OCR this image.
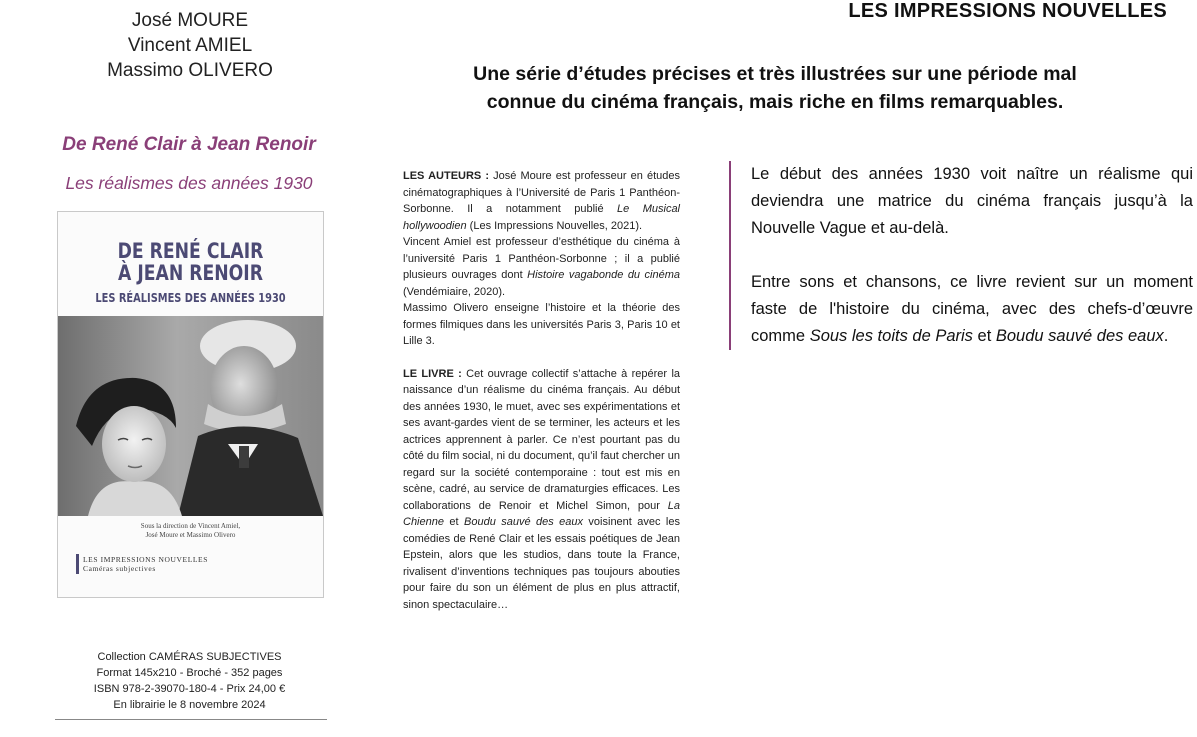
José MOURE
Vincent AMIEL
Massimo OLIVERO
LES IMPRESSIONS NOUVELLES
Une série d’études précises et très illustrées sur une période mal
connue du cinéma français, mais riche en films remarquables.
De René Clair à Jean Renoir
Les réalismes des années 1930
DE RENÉ CLAIR
À JEAN RENOIR
LES RÉALISMES DES ANNÉES 1930
Sous la direction de Vincent Amiel,
José Moure et Massimo Olivero
LES IMPRESSIONS NOUVELLES
Caméras subjectives
Collection CAMÉRAS SUBJECTIVES
Format 145x210 - Broché - 352 pages
ISBN 978-2-39070-180-4 - Prix 24,00 €
En librairie le 8 novembre 2024

LES AUTEURS : José Moure est professeur en études cinématographiques à l’Université de Paris 1 Panthéon-Sorbonne. Il a notamment publié Le Musical hollywoodien (Les Impressions Nouvelles, 2021).

Vincent Amiel est professeur d’esthétique du cinéma à l’université Paris 1 Panthéon-Sorbonne ; il a publié plusieurs ouvrages dont Histoire vagabonde du cinéma (Vendémiaire, 2020).

Massimo Olivero enseigne l’histoire et la théorie des formes filmiques dans les universités Paris 3, Paris 10 et Lille 3.

LE LIVRE : Cet ouvrage collectif s’attache à repérer la naissance d’un réalisme du cinéma français. Au début des années 1930, le muet, avec ses expérimentations et ses avant-gardes vient de se terminer, les acteurs et les actrices apprennent à parler. Ce n’est pourtant pas du côté du film social, ni du document, qu’il faut chercher un regard sur la société contemporaine : tout est mis en scène, cadré, au service de dramaturgies efficaces. Les collaborations de Renoir et Michel Simon, pour La Chienne et Boudu sauvé des eaux voisinent avec les comédies de René Clair et les essais poétiques de Jean Epstein, alors que les studios, dans toute la France, rivalisent d’inventions techniques pas toujours abouties pour faire du son un élément de plus en plus attractif, sinon spectaculaire…

Le début des années 1930 voit naître un réalisme qui deviendra une matrice du cinéma français jusqu’à la Nouvelle Vague et au-delà.

Entre sons et chansons, ce livre revient sur un moment faste de l'histoire du cinéma, avec des chefs-d’œuvre comme Sous les toits de Paris et Boudu sauvé des eaux.
